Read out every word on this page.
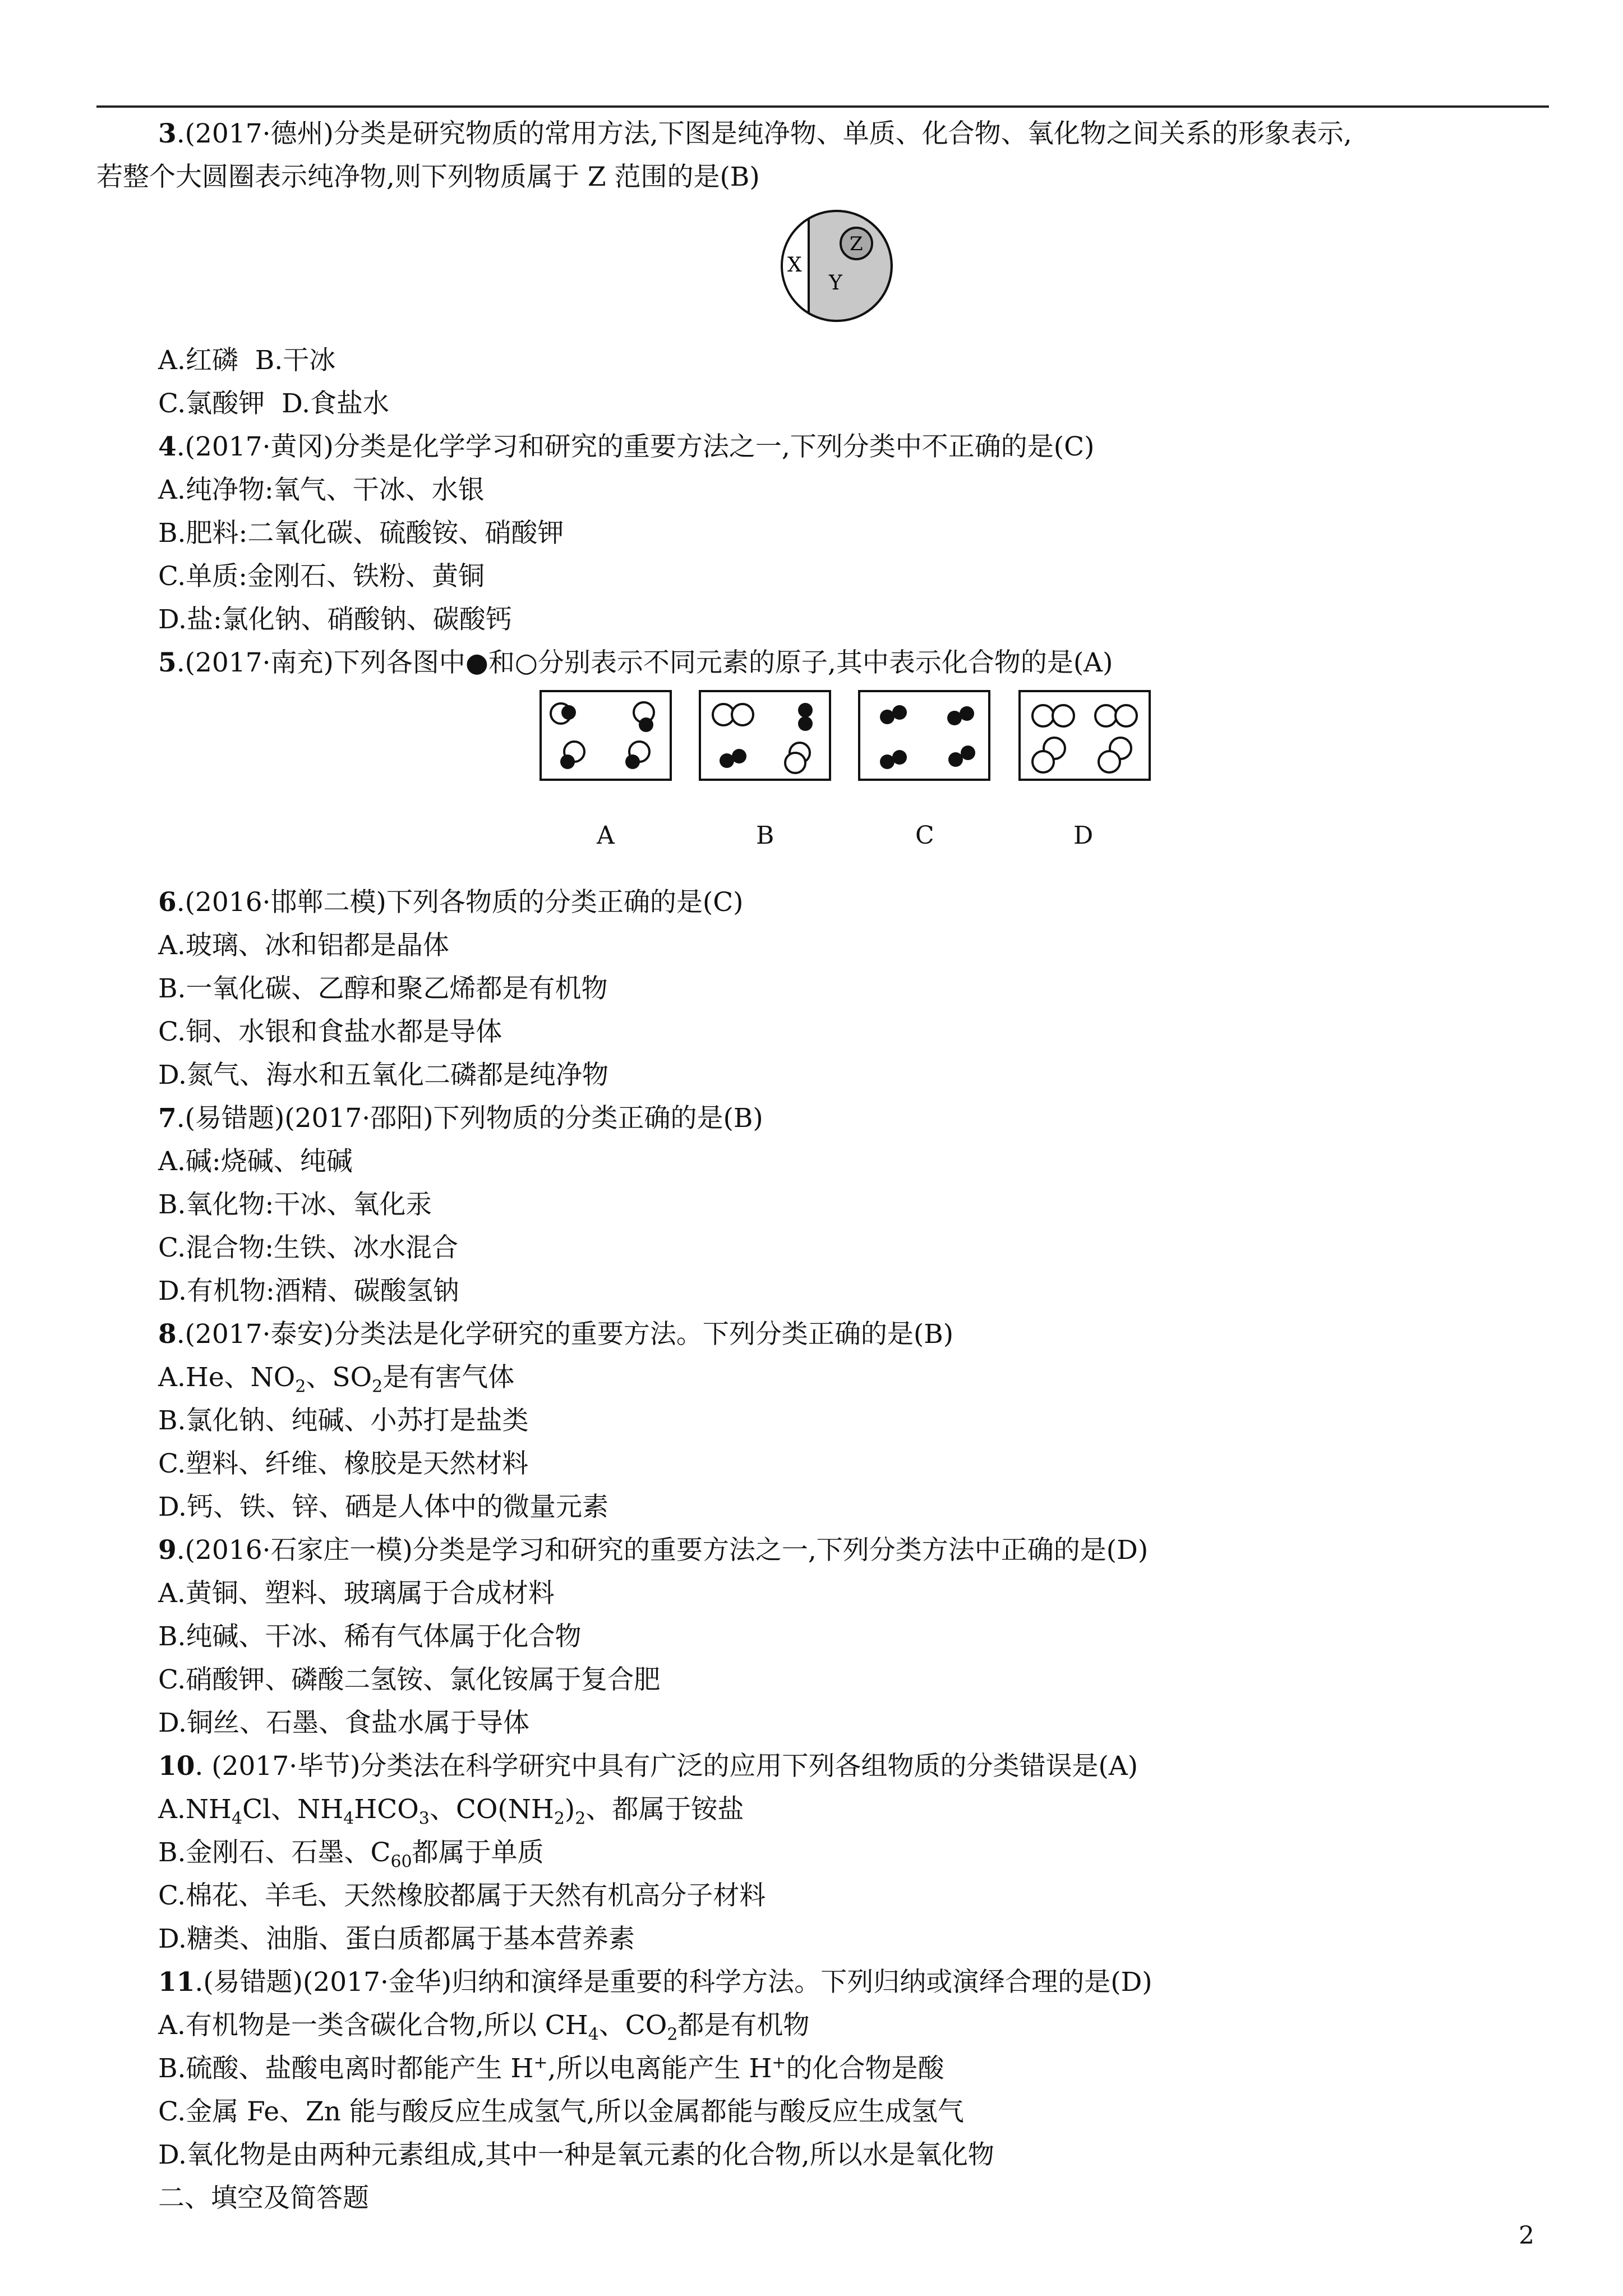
3.(2017·德州)分类是研究物质的常用方法,下图是纯净物、单质、化合物、氧化物之间关系的形象表示,
若整个大圆圈表示纯净物,则下列物质属于 Z 范围的是(B)
X
Y
Z
A.红磷  B.干冰
C.氯酸钾  D.食盐水
4.(2017·黄冈)分类是化学学习和研究的重要方法之一,下列分类中不正确的是(C)
A.纯净物:氧气、干冰、水银
B.肥料:二氧化碳、硫酸铵、硝酸钾
C.单质:金刚石、铁粉、黄铜
D.盐:氯化钠、硝酸钠、碳酸钙
5.(2017·南充)下列各图中●和○分别表示不同元素的原子,其中表示化合物的是(A)
A	B	C	D
6.(2016·邯郸二模)下列各物质的分类正确的是(C)
A.玻璃、冰和铝都是晶体
B.一氧化碳、乙醇和聚乙烯都是有机物
C.铜、水银和食盐水都是导体
D.氮气、海水和五氧化二磷都是纯净物
7.(易错题)(2017·邵阳)下列物质的分类正确的是(B)
A.碱:烧碱、纯碱
B.氧化物:干冰、氧化汞
C.混合物:生铁、冰水混合
D.有机物:酒精、碳酸氢钠
8.(2017·泰安)分类法是化学研究的重要方法。下列分类正确的是(B)
A.He、$NO_2$、$SO_2$是有害气体
B.氯化钠、纯碱、小苏打是盐类
C.塑料、纤维、橡胶是天然材料
D.钙、铁、锌、硒是人体中的微量元素
9.(2016·石家庄一模)分类是学习和研究的重要方法之一,下列分类方法中正确的是(D)
A.黄铜、塑料、玻璃属于合成材料
B.纯碱、干冰、稀有气体属于化合物
C.硝酸钾、磷酸二氢铵、氯化铵属于复合肥
D.铜丝、石墨、食盐水属于导体
10. (2017·毕节)分类法在科学研究中具有广泛的应用下列各组物质的分类错误是(A)
$A.NH_4Cl$、$NH_4HCO_3$、$CO(NH_2)_2$、都属于铵盐
B.金刚石、石墨、$C_{60}$都属于单质
C.棉花、羊毛、天然橡胶都属于天然有机高分子材料
D.糖类、油脂、蛋白质都属于基本营养素
11.(易错题)(2017·金华)归纳和演绎是重要的科学方法。下列归纳或演绎合理的是(D)
A.有机物是一类含碳化合物,所以 $CH_4$、$CO_2$都是有机物
B.硫酸、盐酸电离时都能产生 H+,所以电离能产生 H+的化合物是酸
C.金属 Fe、Zn 能与酸反应生成氢气,所以金属都能与酸反应生成氢气
D.氧化物是由两种元素组成,其中一种是氧元素的化合物,所以水是氧化物
二、填空及简答题
2
